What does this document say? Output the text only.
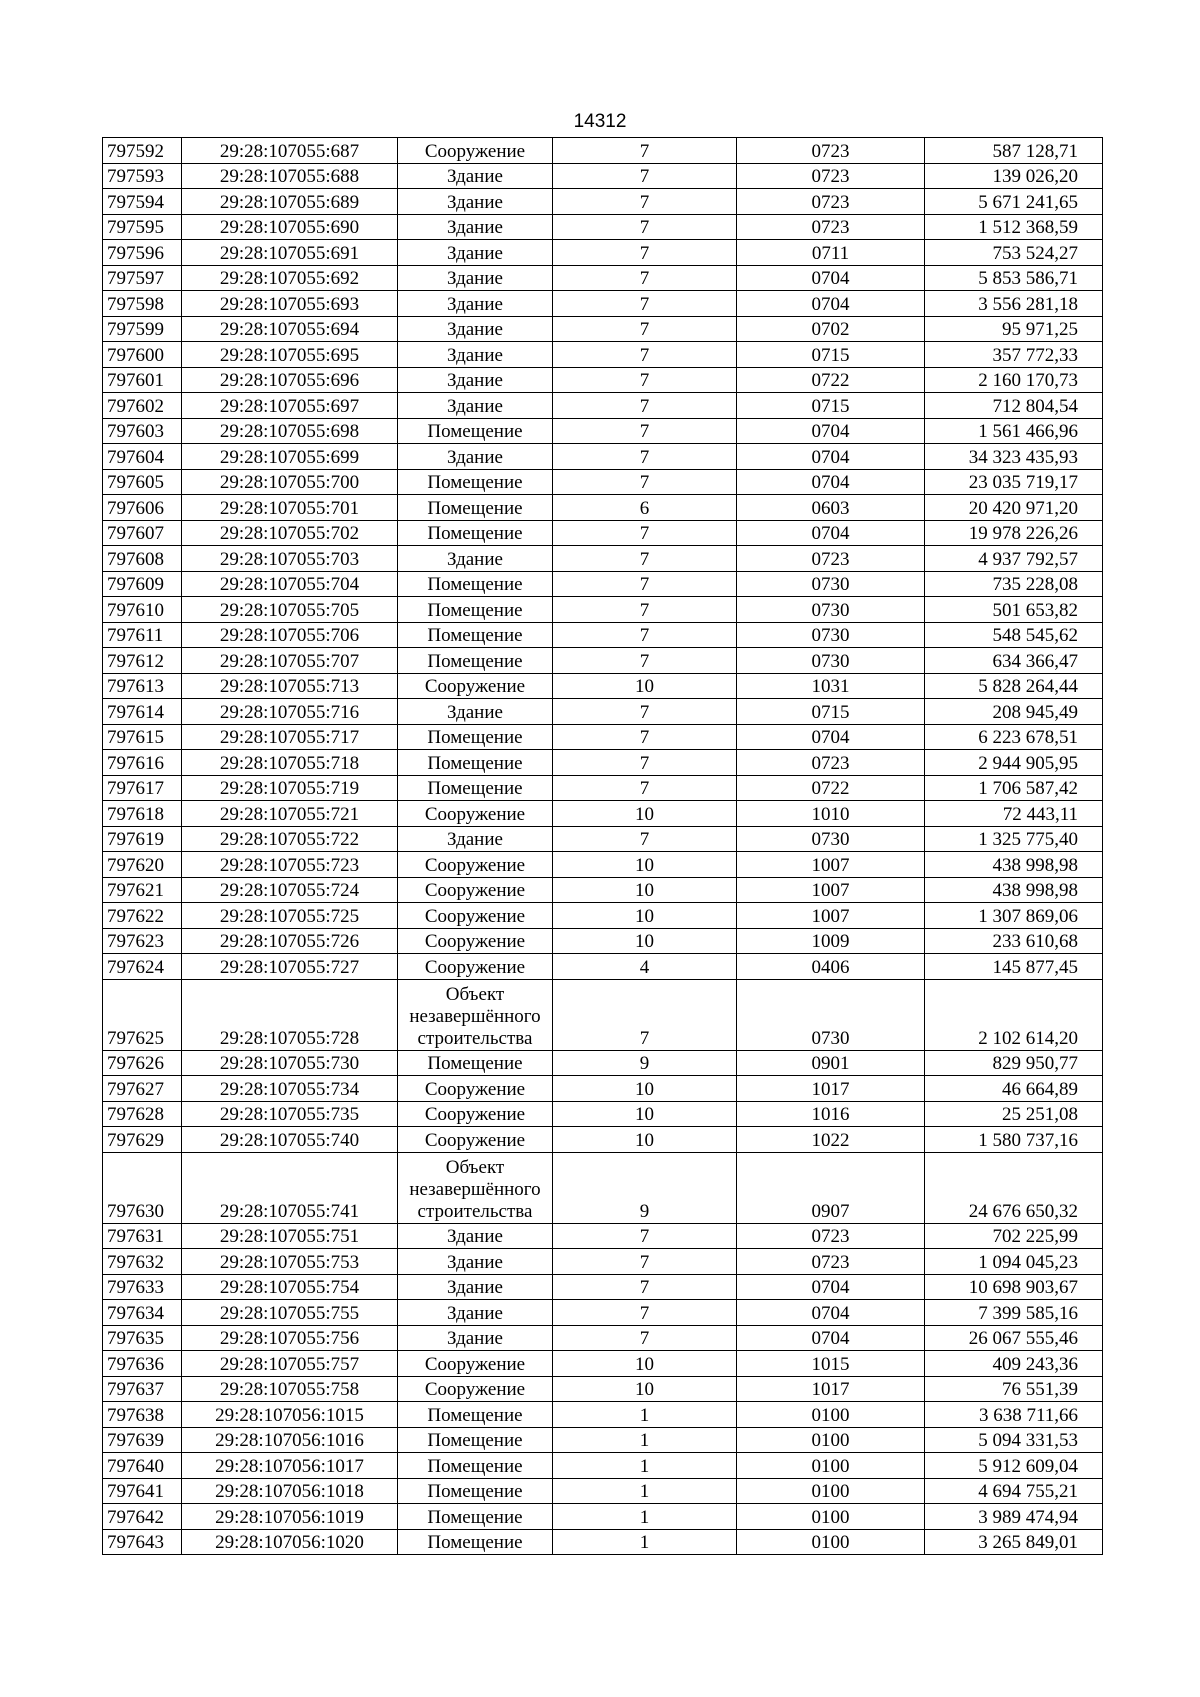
14312
797592	29:28:107055:687	Сооружение	7	0723	587 128,71
797593	29:28:107055:688	Здание	7	0723	139 026,20
797594	29:28:107055:689	Здание	7	0723	5 671 241,65
797595	29:28:107055:690	Здание	7	0723	1 512 368,59
797596	29:28:107055:691	Здание	7	0711	753 524,27
797597	29:28:107055:692	Здание	7	0704	5 853 586,71
797598	29:28:107055:693	Здание	7	0704	3 556 281,18
797599	29:28:107055:694	Здание	7	0702	95 971,25
797600	29:28:107055:695	Здание	7	0715	357 772,33
797601	29:28:107055:696	Здание	7	0722	2 160 170,73
797602	29:28:107055:697	Здание	7	0715	712 804,54
797603	29:28:107055:698	Помещение	7	0704	1 561 466,96
797604	29:28:107055:699	Здание	7	0704	34 323 435,93
797605	29:28:107055:700	Помещение	7	0704	23 035 719,17
797606	29:28:107055:701	Помещение	6	0603	20 420 971,20
797607	29:28:107055:702	Помещение	7	0704	19 978 226,26
797608	29:28:107055:703	Здание	7	0723	4 937 792,57
797609	29:28:107055:704	Помещение	7	0730	735 228,08
797610	29:28:107055:705	Помещение	7	0730	501 653,82
797611	29:28:107055:706	Помещение	7	0730	548 545,62
797612	29:28:107055:707	Помещение	7	0730	634 366,47
797613	29:28:107055:713	Сооружение	10	1031	5 828 264,44
797614	29:28:107055:716	Здание	7	0715	208 945,49
797615	29:28:107055:717	Помещение	7	0704	6 223 678,51
797616	29:28:107055:718	Помещение	7	0723	2 944 905,95
797617	29:28:107055:719	Помещение	7	0722	1 706 587,42
797618	29:28:107055:721	Сооружение	10	1010	72 443,11
797619	29:28:107055:722	Здание	7	0730	1 325 775,40
797620	29:28:107055:723	Сооружение	10	1007	438 998,98
797621	29:28:107055:724	Сооружение	10	1007	438 998,98
797622	29:28:107055:725	Сооружение	10	1007	1 307 869,06
797623	29:28:107055:726	Сооружение	10	1009	233 610,68
797624	29:28:107055:727	Сооружение	4	0406	145 877,45
797625	29:28:107055:728	Объект незавершённого строительства	7	0730	2 102 614,20
797626	29:28:107055:730	Помещение	9	0901	829 950,77
797627	29:28:107055:734	Сооружение	10	1017	46 664,89
797628	29:28:107055:735	Сооружение	10	1016	25 251,08
797629	29:28:107055:740	Сооружение	10	1022	1 580 737,16
797630	29:28:107055:741	Объект незавершённого строительства	9	0907	24 676 650,32
797631	29:28:107055:751	Здание	7	0723	702 225,99
797632	29:28:107055:753	Здание	7	0723	1 094 045,23
797633	29:28:107055:754	Здание	7	0704	10 698 903,67
797634	29:28:107055:755	Здание	7	0704	7 399 585,16
797635	29:28:107055:756	Здание	7	0704	26 067 555,46
797636	29:28:107055:757	Сооружение	10	1015	409 243,36
797637	29:28:107055:758	Сооружение	10	1017	76 551,39
797638	29:28:107056:1015	Помещение	1	0100	3 638 711,66
797639	29:28:107056:1016	Помещение	1	0100	5 094 331,53
797640	29:28:107056:1017	Помещение	1	0100	5 912 609,04
797641	29:28:107056:1018	Помещение	1	0100	4 694 755,21
797642	29:28:107056:1019	Помещение	1	0100	3 989 474,94
797643	29:28:107056:1020	Помещение	1	0100	3 265 849,01
